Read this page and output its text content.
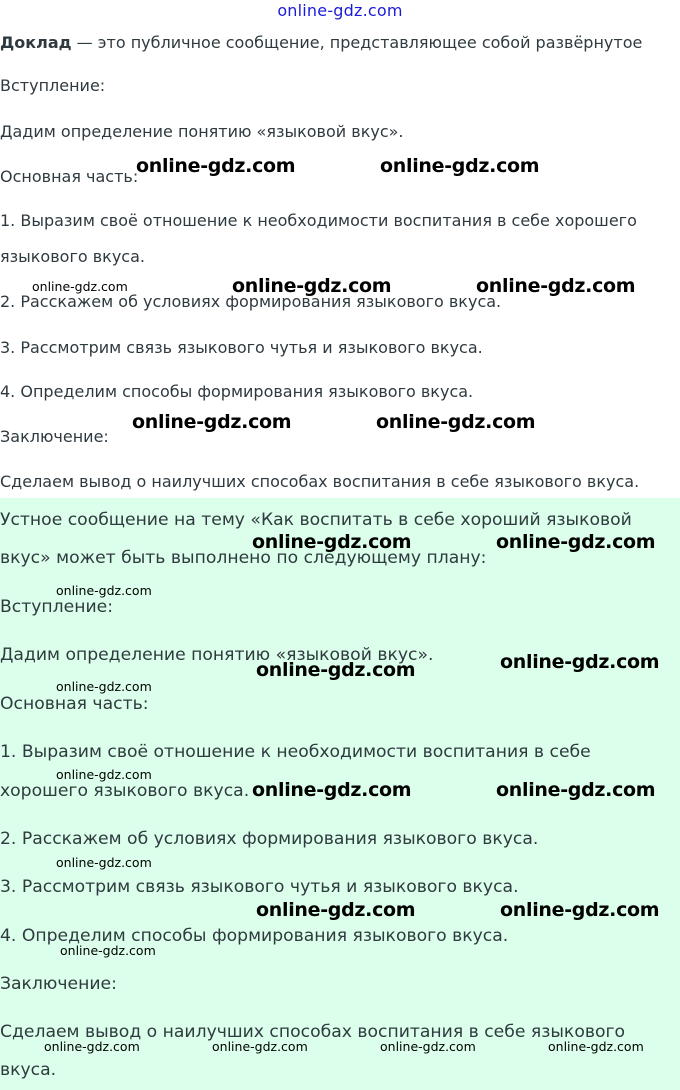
online-gdz.com

Доклад — это публичное сообщение, представляющее собой развёрнутое

Вступление:

Дадим определение понятию «языковой вкус».

Основная часть:

1. Выразим своё отношение к необходимости воспитания в себе хорошего

языкового вкуса.

2. Расскажем об условиях формирования языкового вкуса.

3. Рассмотрим связь языкового чутья и языкового вкуса.

4. Определим способы формирования языкового вкуса.

Заключение:

Сделаем вывод о наилучших способах воспитания в себе языкового вкуса.

Устное сообщение на тему «Как воспитать в себе хороший языковой

вкус» может быть выполнено по следующему плану:

Вступление:

Дадим определение понятию «языковой вкус».

Основная часть:

1. Выразим своё отношение к необходимости воспитания в себе

хорошего языкового вкуса.

2. Расскажем об условиях формирования языкового вкуса.

3. Рассмотрим связь языкового чутья и языкового вкуса.

4. Определим способы формирования языкового вкуса.

Заключение:

Сделаем вывод о наилучших способах воспитания в себе языкового

вкуса.

online-gdz.com	online-gdz.com
online-gdz.com	online-gdz.com
online-gdz.com	online-gdz.com
online-gdz.com	online-gdz.com
online-gdz.com
online-gdz.com
online-gdz.com	online-gdz.com
online-gdz.com	online-gdz.com
online-gdz.com
online-gdz.com
online-gdz.com
online-gdz.com
online-gdz.com
online-gdz.com
online-gdz.com	online-gdz.com	online-gdz.com	online-gdz.com
